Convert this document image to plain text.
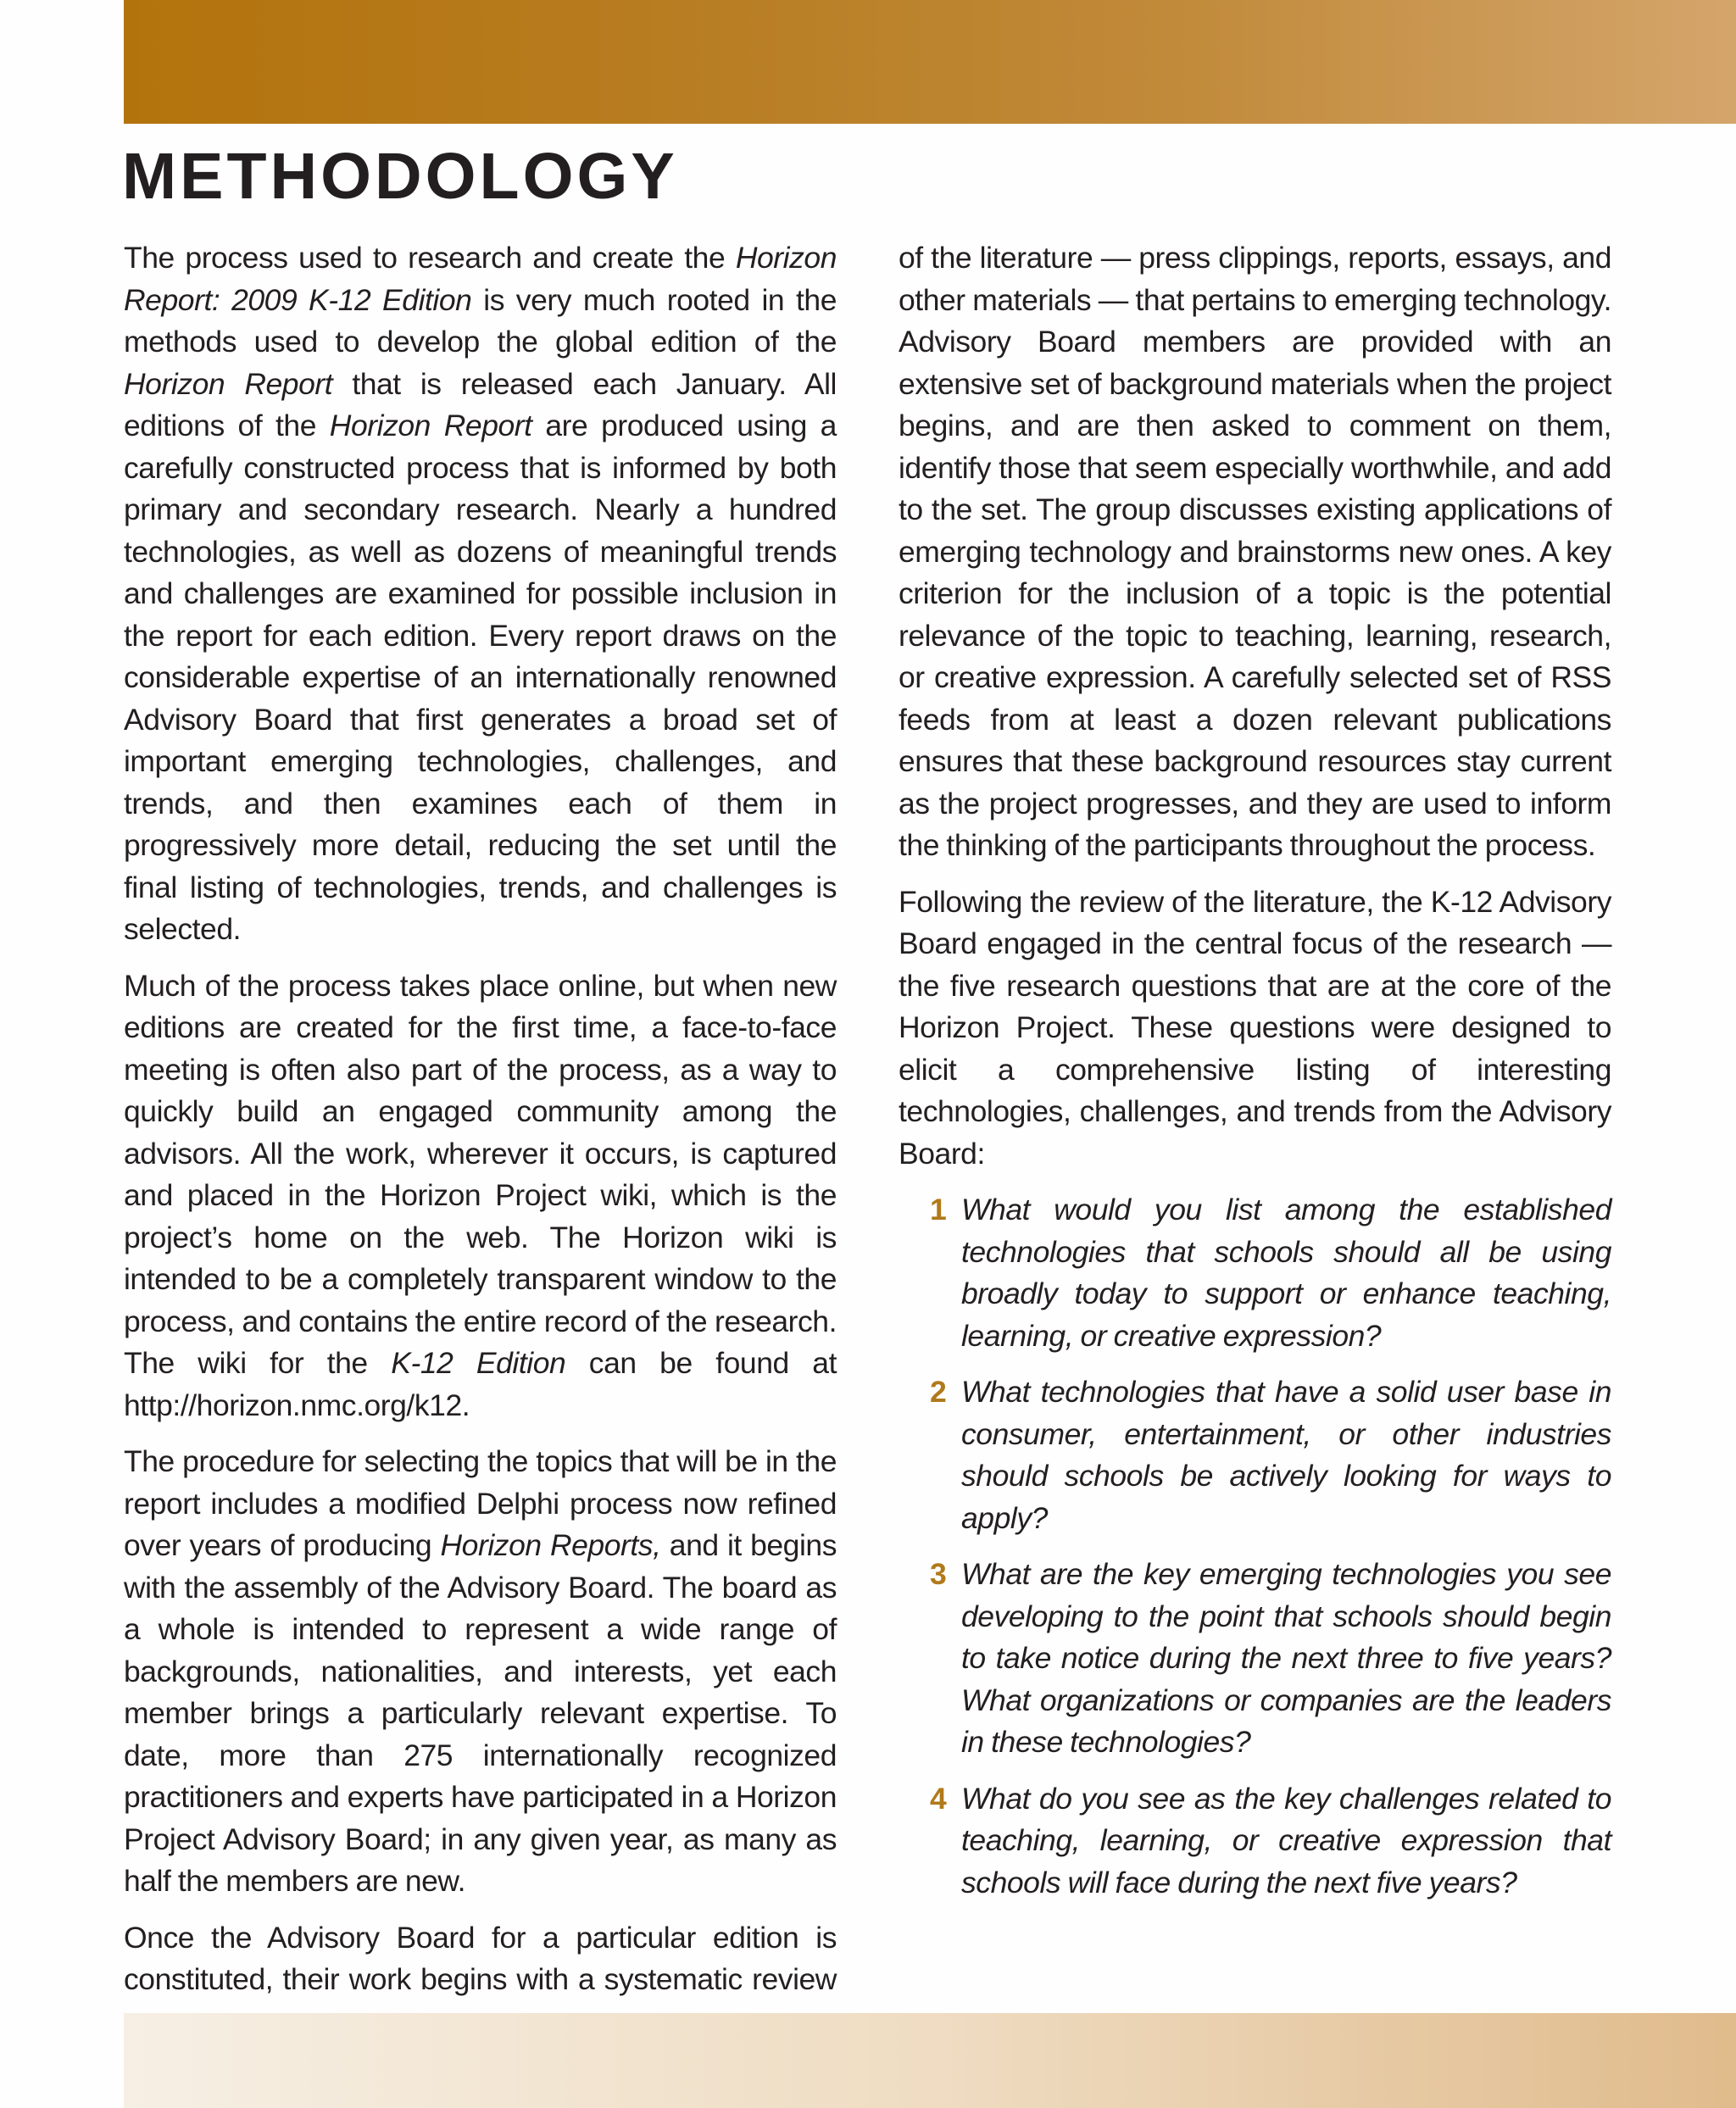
METHODOLOGY

The process used to research and create the Horizon Report: 2009 K-12 Edition is very much rooted in the methods used to develop the global edition of the Horizon Report that is released each January. All editions of the Horizon Report are produced using a carefully constructed process that is informed by both primary and secondary research. Nearly a hundred technologies, as well as dozens of meaningful trends and challenges are examined for possible inclusion in the report for each edition. Every report draws on the considerable expertise of an internationally renowned Advisory Board that first generates a broad set of important emerging technologies, challenges, and trends, and then examines each of them in progressively more detail, reducing the set until the final listing of technologies, trends, and challenges is selected.

Much of the process takes place online, but when new editions are created for the first time, a face-to-face meeting is often also part of the process, as a way to quickly build an engaged community among the advisors. All the work, wherever it occurs, is captured and placed in the Horizon Project wiki, which is the project’s home on the web. The Horizon wiki is intended to be a completely transparent window to the process, and contains the entire record of the research. The wiki for the K-12 Edition can be found at http://horizon.nmc.org/k12.

The procedure for selecting the topics that will be in the report includes a modified Delphi process now refined over years of producing Horizon Reports, and it begins with the assembly of the Advisory Board. The board as a whole is intended to represent a wide range of backgrounds, nationalities, and interests, yet each member brings a particularly relevant expertise. To date, more than 275 internationally recognized practitioners and experts have participated in a Horizon Project Advisory Board; in any given year, as many as half the members are new.

Once the Advisory Board for a particular edition is constituted, their work begins with a systematic review

of the literature — press clippings, reports, essays, and other materials — that pertains to emerging technology. Advisory Board members are provided with an extensive set of background materials when the project begins, and are then asked to comment on them, identify those that seem especially worthwhile, and add to the set. The group discusses existing applications of emerging technology and brainstorms new ones. A key criterion for the inclusion of a topic is the potential relevance of the topic to teaching, learning, research, or creative expression. A carefully selected set of RSS feeds from at least a dozen relevant publications ensures that these background resources stay current as the project progresses, and they are used to inform the thinking of the participants throughout the process.

Following the review of the literature, the K-12 Advisory Board engaged in the central focus of the research — the five research questions that are at the core of the Horizon Project. These questions were designed to elicit a comprehensive listing of interesting technologies, challenges, and trends from the Advisory Board:

1 What would you list among the established technologies that schools should all be using broadly today to support or enhance teaching, learning, or creative expression?
2 What technologies that have a solid user base in consumer, entertainment, or other industries should schools be actively looking for ways to apply?
3 What are the key emerging technologies you see developing to the point that schools should begin to take notice during the next three to five years? What organizations or companies are the leaders in these technologies?
4 What do you see as the key challenges related to teaching, learning, or creative expression that schools will face during the next five years?
